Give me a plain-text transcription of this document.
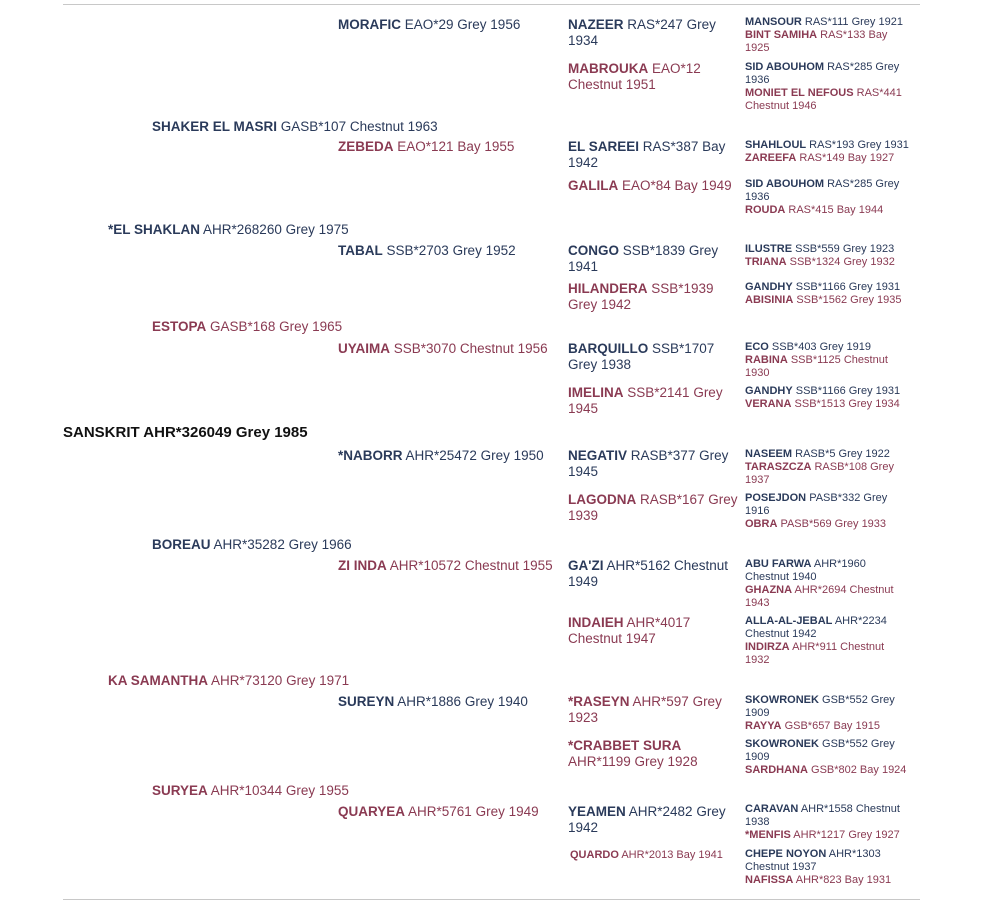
SANSKRIT AHR*326049 Grey 1985
*EL SHAKLAN AHR*268260 Grey 1975
KA SAMANTHA AHR*73120 Grey 1971
SHAKER EL MASRI GASB*107 Chestnut 1963
ESTOPA GASB*168 Grey 1965
BOREAU AHR*35282 Grey 1966
SURYEA AHR*10344 Grey 1955
MORAFIC EAO*29 Grey 1956
ZEBEDA EAO*121 Bay 1955
TABAL SSB*2703 Grey 1952
UYAIMA SSB*3070 Chestnut 1956
*NABORR AHR*25472 Grey 1950
ZI INDA AHR*10572 Chestnut 1955
SUREYN AHR*1886 Grey 1940
QUARYEA AHR*5761 Grey 1949
NAZEER RAS*247 Grey
1934
MABROUKA EAO*12
Chestnut 1951
EL SAREEI RAS*387 Bay
1942
GALILA EAO*84 Bay 1949
CONGO SSB*1839 Grey
1941
HILANDERA SSB*1939
Grey 1942
BARQUILLO SSB*1707
Grey 1938
IMELINA SSB*2141 Grey
1945
NEGATIV RASB*377 Grey
1945
LAGODNA RASB*167 Grey
1939
GA'ZI AHR*5162 Chestnut
1949
INDAIEH AHR*4017
Chestnut 1947
*RASEYN AHR*597 Grey
1923
*CRABBET SURA
AHR*1199 Grey 1928
YEAMEN AHR*2482 Grey
1942
QUARDO AHR*2013 Bay 1941
MANSOUR RAS*111 Grey 1921
BINT SAMIHA RAS*133 Bay
1925
SID ABOUHOM RAS*285 Grey
1936
MONIET EL NEFOUS RAS*441
Chestnut 1946
SHAHLOUL RAS*193 Grey 1931
ZAREEFA RAS*149 Bay 1927
SID ABOUHOM RAS*285 Grey
1936
ROUDA RAS*415 Bay 1944
ILUSTRE SSB*559 Grey 1923
TRIANA SSB*1324 Grey 1932
GANDHY SSB*1166 Grey 1931
ABISINIA SSB*1562 Grey 1935
ECO SSB*403 Grey 1919
RABINA SSB*1125 Chestnut
1930
GANDHY SSB*1166 Grey 1931
VERANA SSB*1513 Grey 1934
NASEEM RASB*5 Grey 1922
TARASZCZA RASB*108 Grey
1937
POSEJDON PASB*332 Grey
1916
OBRA PASB*569 Grey 1933
ABU FARWA AHR*1960
Chestnut 1940
GHAZNA AHR*2694 Chestnut
1943
ALLA-AL-JEBAL AHR*2234
Chestnut 1942
INDIRZA AHR*911 Chestnut
1932
SKOWRONEK GSB*552 Grey
1909
RAYYA GSB*657 Bay 1915
SKOWRONEK GSB*552 Grey
1909
SARDHANA GSB*802 Bay 1924
CARAVAN AHR*1558 Chestnut
1938
*MENFIS AHR*1217 Grey 1927
CHEPE NOYON AHR*1303
Chestnut 1937
NAFISSA AHR*823 Bay 1931
